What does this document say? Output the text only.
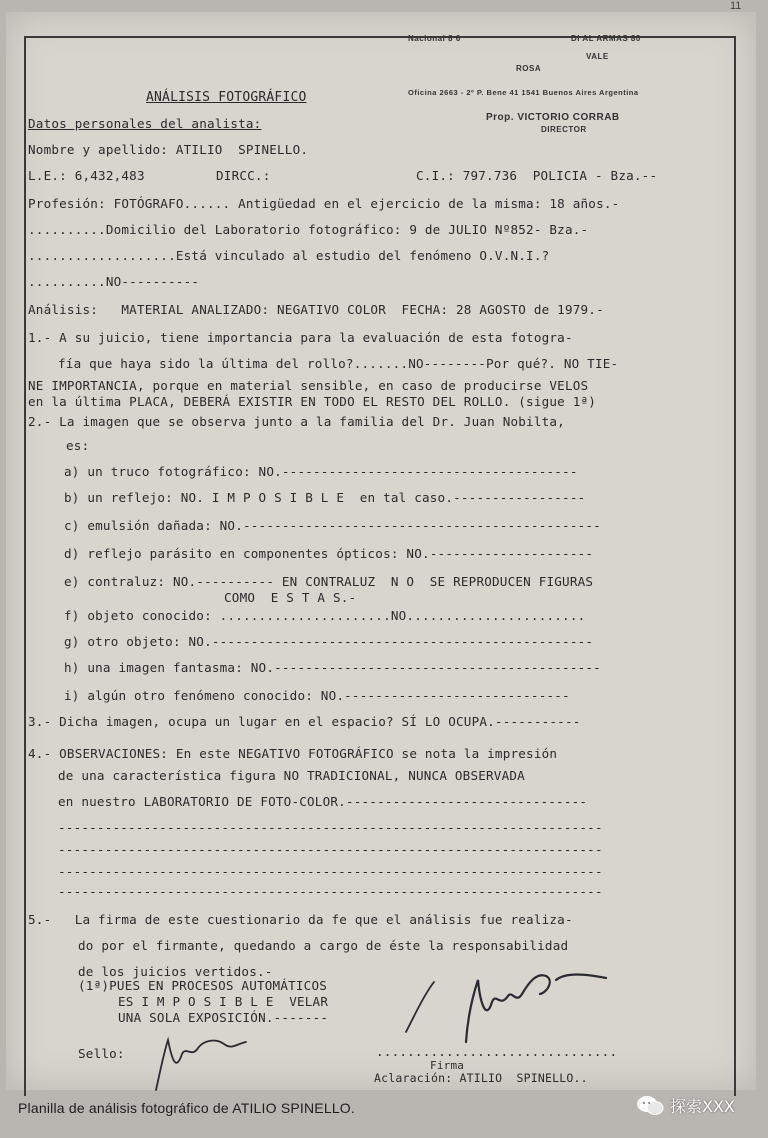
11
Nacional 8 6	DI AL ARMAS 80
VALE
ROSA
Oficina 2663 - 2º P. Bene 41 1541 Buenos Aires Argentina
Prop. VICTORIO CORRAB
DIRECTOR
ANÁLISIS FOTOGRÁFICO
Datos personales del analista:
Nombre y apellido: ATILIO  SPINELLO.
L.E.: 6,432,483	DIRCC.:	C.I.: 797.736  POLICIA - Bza.--
Profesión: FOTÓGRAFO...... Antigüedad en el ejercicio de la misma: 18 años.-
..........Domicilio del Laboratorio fotográfico: 9 de JULIO Nº852- Bza.-
...................Está vinculado al estudio del fenómeno O.V.N.I.?
..........NO----------
Análisis:   MATERIAL ANALIZADO: NEGATIVO COLOR  FECHA: 28 AGOSTO de 1979.-
1.- A su juicio, tiene importancia para la evaluación de esta fotogra-
fía que haya sido la última del rollo?.......NO--------Por qué?. NO TIE-
NE IMPORTANCIA, porque en material sensible, en caso de producirse VELOS
en la última PLACA, DEBERÁ EXISTIR EN TODO EL RESTO DEL ROLLO. (sigue 1ª)
2.- La imagen que se observa junto a la familia del Dr. Juan Nobilta,
es:
a) un truco fotográfico: NO.--------------------------------------
b) un reflejo: NO. I M P O S I B L E  en tal caso.-----------------
c) emulsión dañada: NO.----------------------------------------------
d) reflejo parásito en componentes ópticos: NO.---------------------
e) contraluz: NO.---------- EN CONTRALUZ  N O  SE REPRODUCEN FIGURAS
COMO  E S T A S.-
f) objeto conocido: ......................NO.......................
g) otro objeto: NO.-------------------------------------------------
h) una imagen fantasma: NO.------------------------------------------
i) algún otro fenómeno conocido: NO.-----------------------------
3.- Dicha imagen, ocupa un lugar en el espacio? SÍ LO OCUPA.-----------
4.- OBSERVACIONES: En este NEGATIVO FOTOGRÁFICO se nota la impresión
de una característica figura NO TRADICIONAL, NUNCA OBSERVADA
en nuestro LABORATORIO DE FOTO-COLOR.-------------------------------
----------------------------------------------------------------------
----------------------------------------------------------------------
----------------------------------------------------------------------
----------------------------------------------------------------------
5.-   La firma de este cuestionario da fe que el análisis fue realiza-
do por el firmante, quedando a cargo de éste la responsabilidad
de los juicios vertidos.-
(1ª)PUES EN PROCESOS AUTOMÁTICOS
ES I M P O S I B L E  VELAR
UNA SOLA EXPOSICIÓN.-------
Sello:	...............................
Firma
Aclaración: ATILIO  SPINELLO..
Planilla de análisis fotográfico de ATILIO SPINELLO.	探索XXX
